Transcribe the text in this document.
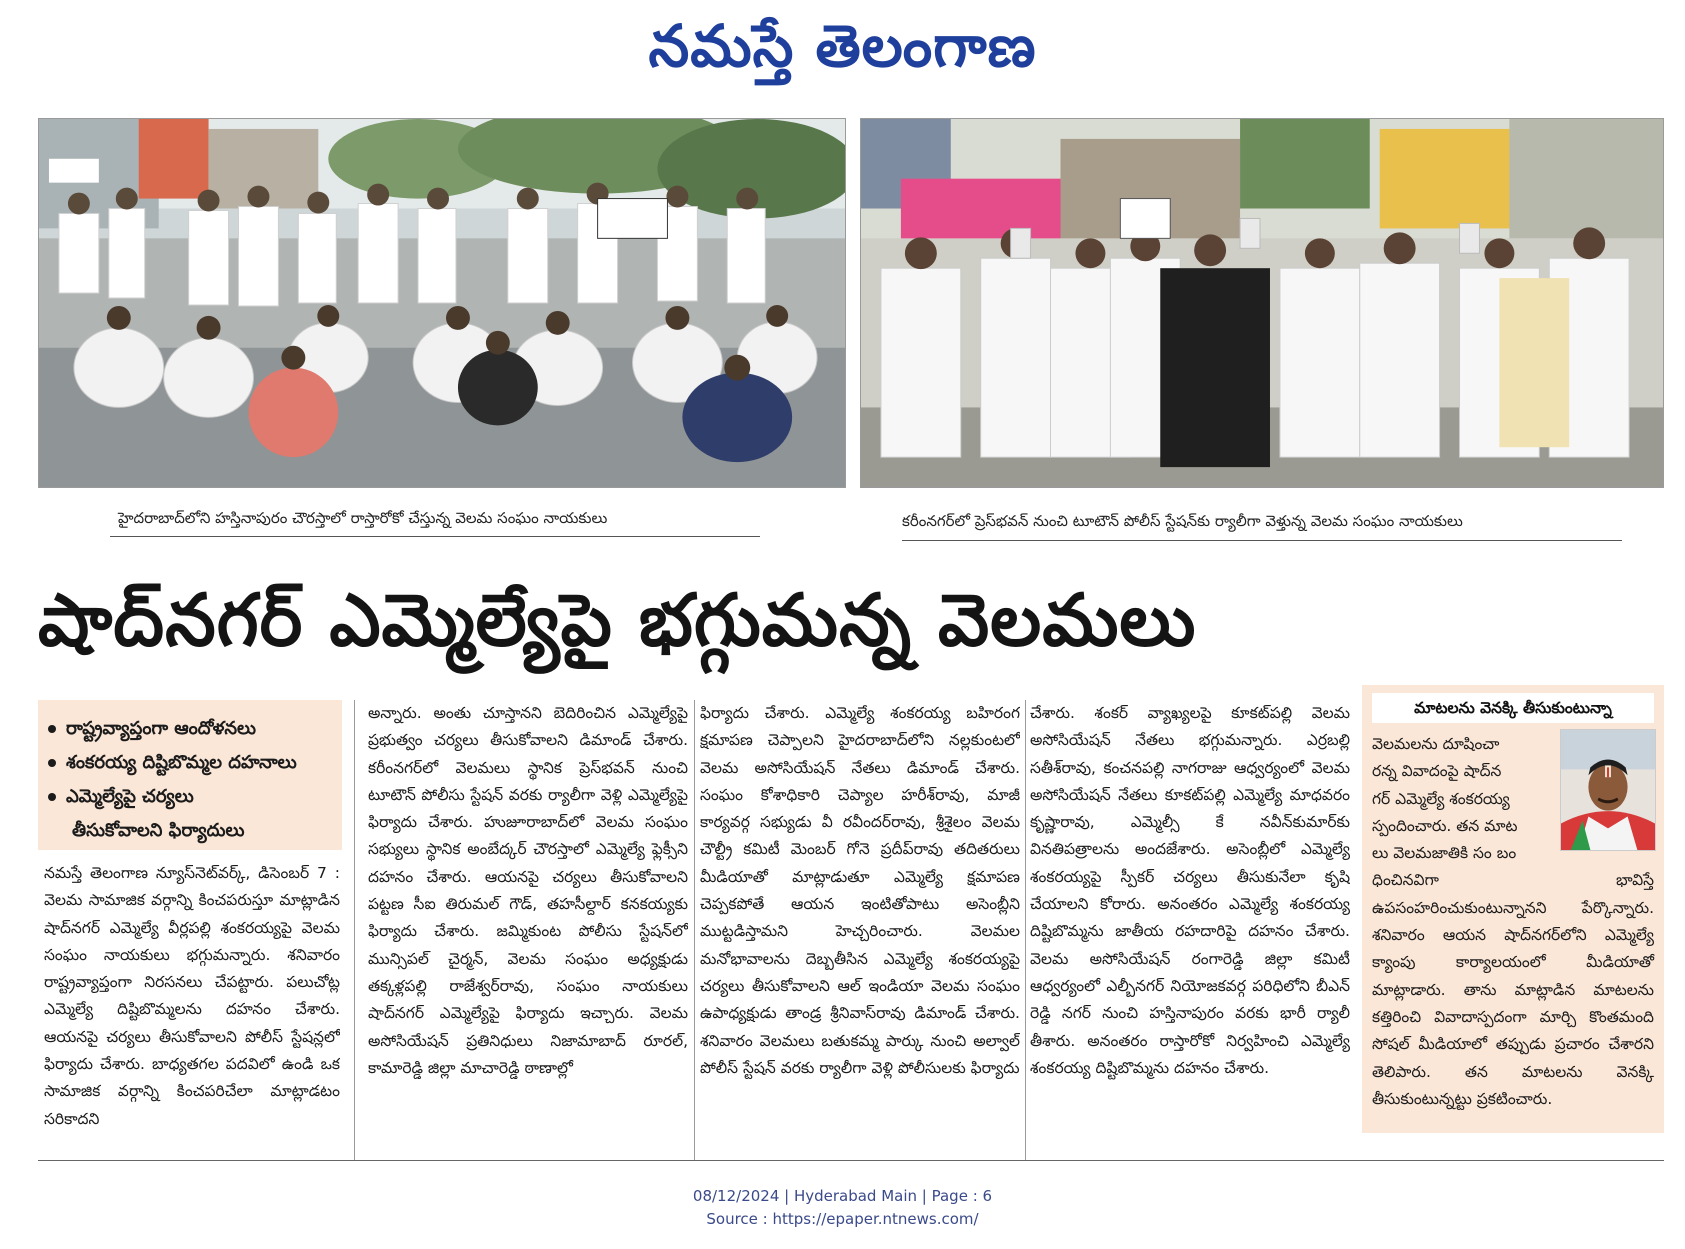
నమస్తే తెలంగాణ
హైదరాబాద్‌లోని హస్తినాపురం చౌరస్తాలో రాస్తారోకో చేస్తున్న వెలమ సంఘం నాయకులు	కరీంనగర్‌లో ప్రెస్‌భవన్ నుంచి టూటౌన్ పోలీస్ స్టేషన్‌కు ర్యాలీగా వెళ్తున్న వెలమ సంఘం నాయకులు
షాద్‌నగర్ ఎమ్మెల్యేపై భగ్గుమన్న వెలమలు
రాష్ట్రవ్యాప్తంగా ఆందోళనలు
శంకరయ్య దిష్టిబొమ్మల దహనాలు
ఎమ్మెల్యేపై చర్యలు
తీసుకోవాలని ఫిర్యాదులు

నమస్తే తెలంగాణ న్యూస్‌నెట్‌వర్క్, డిసెంబర్ 7 : వెలమ సామాజిక వర్గాన్ని కించపరుస్తూ మాట్లాడిన షాద్‌నగర్ ఎమ్మెల్యే వీర్లపల్లి శంకరయ్యపై వెలమ సంఘం నాయకులు భగ్గుమన్నారు. శనివారం రాష్ట్రవ్యాప్తంగా నిరసనలు చేపట్టారు. పలుచోట్ల ఎమ్మెల్యే దిష్టిబొమ్మలను దహనం చేశారు. ఆయనపై చర్యలు తీసుకోవాలని పోలీస్ స్టేషన్లలో ఫిర్యాదు చేశారు. బాధ్యతగల పదవిలో ఉండి ఒక సామాజిక వర్గాన్ని కించపరిచేలా మాట్లాడటం సరికాదని

అన్నారు. అంతు చూస్తానని బెదిరించిన ఎమ్మెల్యేపై ప్రభుత్వం చర్యలు తీసుకోవాలని డిమాండ్ చేశారు. కరీంనగర్‌లో వెలమలు స్థానిక ప్రెస్‌భవన్ నుంచి టూటౌన్ పోలీసు స్టేషన్ వరకు ర్యాలీగా వెళ్లి ఎమ్మెల్యేపై ఫిర్యాదు చేశారు. హుజూరాబాద్‌లో వెలమ సంఘం సభ్యులు స్థానిక అంబేద్కర్ చౌరస్తాలో ఎమ్మెల్యే ఫ్లెక్సీని దహనం చేశారు. ఆయనపై చర్యలు తీసుకోవాలని పట్టణ సీఐ తిరుమల్ గౌడ్, తహసీల్దార్ కనకయ్యకు ఫిర్యాదు చేశారు. జమ్మికుంట పోలీసు స్టేషన్‌లో మున్సిపల్ చైర్మన్, వెలమ సంఘం అధ్యక్షుడు తక్కళ్లపల్లి రాజేశ్వర్‌రావు, సంఘం నాయకులు షాద్‌నగర్ ఎమ్మెల్యేపై ఫిర్యాదు ఇచ్చారు. వెలమ అసోసియేషన్ ప్రతినిధులు నిజామాబాద్ రూరల్, కామారెడ్డి జిల్లా మాచారెడ్డి ఠాణాల్లో

ఫిర్యాదు చేశారు. ఎమ్మెల్యే శంకరయ్య బహిరంగ క్షమాపణ చెప్పాలని హైదరాబాద్‌లోని నల్లకుంటలో వెలమ అసోసియేషన్ నేతలు డిమాండ్ చేశారు. సంఘం కోశాధికారి చెప్యాల హరీశ్‌రావు, మాజీ కార్యవర్గ సభ్యుడు వీ రవీందర్‌రావు, శ్రీశైలం వెలమ చౌల్ట్రీ కమిటీ మెంబర్ గోనె ప్రదీప్‌రావు తదితరులు మీడియాతో మాట్లాడుతూ ఎమ్మెల్యే క్షమాపణ చెప్పకపోతే ఆయన ఇంటితోపాటు అసెంబ్లీని ముట్టడిస్తామని హెచ్చరించారు. వెలమల మనోభావాలను దెబ్బతీసిన ఎమ్మెల్యే శంకరయ్యపై చర్యలు తీసుకోవాలని ఆల్ ఇండియా వెలమ సంఘం ఉపాధ్యక్షుడు తాండ్ర శ్రీనివాస్‌రావు డిమాండ్ చేశారు. శనివారం వెలమలు బతుకమ్మ పార్కు నుంచి అల్వాల్ పోలీస్ స్టేషన్ వరకు ర్యాలీగా వెళ్లి పోలీసులకు ఫిర్యాదు

చేశారు. శంకర్ వ్యాఖ్యలపై కూకట్‌పల్లి వెలమ అసోసియేషన్ నేతలు భగ్గుమన్నారు. ఎర్రబల్లి సతీశ్‌రావు, కంచనపల్లి నాగరాజు ఆధ్వర్యంలో వెలమ అసోసియేషన్ నేతలు కూకట్‌పల్లి ఎమ్మెల్యే మాధవరం కృష్ణారావు, ఎమ్మెల్సీ కే నవీన్‌కుమార్‌కు వినతిపత్రాలను అందజేశారు. అసెంబ్లీలో ఎమ్మెల్యే శంకరయ్యపై స్పీకర్ చర్యలు తీసుకునేలా కృషి చేయాలని కోరారు. అనంతరం ఎమ్మెల్యే శంకరయ్య దిష్టిబొమ్మను జాతీయ రహదారిపై దహనం చేశారు. వెలమ అసోసియేషన్ రంగారెడ్డి జిల్లా కమిటీ ఆధ్వర్యంలో ఎల్బీనగర్ నియోజకవర్గ పరిధిలోని బీఎన్ రెడ్డి నగర్ నుంచి హస్తినాపురం వరకు భారీ ర్యాలీ తీశారు. అనంతరం రాస్తారోకో నిర్వహించి ఎమ్మెల్యే శంకరయ్య దిష్టిబొమ్మను దహనం చేశారు.

మాటలను వెనక్కి తీసుకుంటున్నా
వెలమలను దూషించా
రన్న వివాదంపై షాద్‌న
గర్ ఎమ్మెల్యే శంకరయ్య
స్పందించారు. తన మాట
లు వెలమజాతికి సం బం
ధించినవిగా భావిస్తే ఉపసంహరించుకుంటున్నానని పేర్కొన్నారు. శనివారం ఆయన షాద్‌నగర్‌లోని ఎమ్మెల్యే క్యాంపు కార్యాలయంలో మీడియాతో మాట్లాడారు. తాను మాట్లాడిన మాటలను కత్తిరించి వివాదాస్పదంగా మార్చి కొంతమంది సోషల్ మీడియాలో తప్పుడు ప్రచారం చేశారని తెలిపారు. తన మాటలను వెనక్కి తీసుకుంటున్నట్టు ప్రకటించారు.
08/12/2024 | Hyderabad Main | Page : 6
Source : https://epaper.ntnews.com/
